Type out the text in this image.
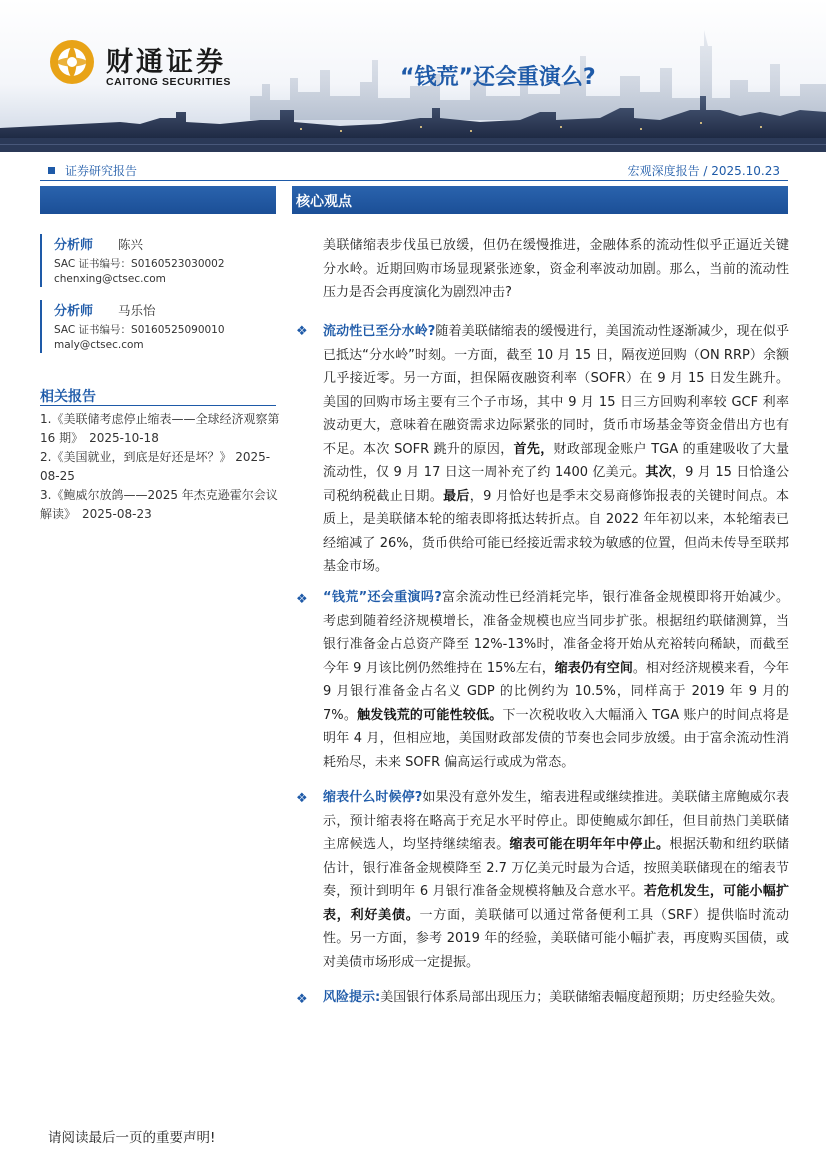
财通证券
CAITONG SECURITIES	“钱荒”还会重演么?
证券研究报告	宏观深度报告 / 2025.10.23
分析师	陈兴
SAC 证书编号：S0160523030002
chenxing@ctsec.com
分析师	马乐怡
SAC 证书编号：S0160525090010
maly@ctsec.com
相关报告
1.《美联储考虑停止缩表——全球经济观察第 16 期》　2025-10-18
2.《美国就业，到底是好还是坏？》 2025-08-25
3.《鲍威尔放鸽——2025 年杰克逊霍尔会议解读》　2025-08-23
核心观点
美联储缩表步伐虽已放缓，但仍在缓慢推进，金融体系的流动性似乎正逼近关键分水岭。近期回购市场显现紧张迹象，资金利率波动加剧。那么，当前的流动性压力是否会再度演化为剧烈冲击?
❖ 流动性已至分水岭?随着美联储缩表的缓慢进行，美国流动性逐渐减少，现在似乎已抵达“分水岭”时刻。一方面，截至 10 月 15 日，隔夜逆回购（ON RRP）余额几乎接近零。另一方面，担保隔夜融资利率（SOFR）在 9 月 15 日发生跳升。美国的回购市场主要有三个子市场，其中 9 月 15 日三方回购利率较 GCF 利率波动更大，意味着在融资需求边际紧张的同时，货币市场基金等资金借出方也有不足。本次 SOFR 跳升的原因，首先，财政部现金账户 TGA 的重建吸收了大量流动性，仅 9 月 17 日这一周补充了约 1400 亿美元。其次，9 月 15 日恰逢公司税纳税截止日期。最后，9 月恰好也是季末交易商修饰报表的关键时间点。本质上，是美联储本轮的缩表即将抵达转折点。自 2022 年年初以来，本轮缩表已经缩减了 26%，货币供给可能已经接近需求较为敏感的位置，但尚未传导至联邦基金市场。
❖ “钱荒”还会重演吗?富余流动性已经消耗完毕，银行准备金规模即将开始减少。考虑到随着经济规模增长，准备金规模也应当同步扩张。根据纽约联储测算，当银行准备金占总资产降至 12%-13%时，准备金将开始从充裕转向稀缺，而截至今年 9 月该比例仍然维持在 15%左右，缩表仍有空间。相对经济规模来看，今年 9 月银行准备金占名义 GDP 的比例约为 10.5%，同样高于 2019 年 9 月的 7%。触发钱荒的可能性较低。下一次税收收入大幅涌入 TGA 账户的时间点将是明年 4 月，但相应地，美国财政部发债的节奏也会同步放缓。由于富余流动性消耗殆尽，未来 SOFR 偏高运行或成为常态。
❖ 缩表什么时候停?如果没有意外发生，缩表进程或继续推进。美联储主席鲍威尔表示，预计缩表将在略高于充足水平时停止。即使鲍威尔卸任，但目前热门美联储主席候选人，均坚持继续缩表。缩表可能在明年年中停止。根据沃勒和纽约联储估计，银行准备金规模降至 2.7 万亿美元时最为合适，按照美联储现在的缩表节奏，预计到明年 6 月银行准备金规模将触及合意水平。若危机发生，可能小幅扩表，利好美债。一方面，美联储可以通过常备便利工具（SRF）提供临时流动性。另一方面，参考 2019 年的经验，美联储可能小幅扩表，再度购买国债，或对美债市场形成一定提振。
❖ 风险提示:美国银行体系局部出现压力；美联储缩表幅度超预期；历史经验失效。
请阅读最后一页的重要声明!
